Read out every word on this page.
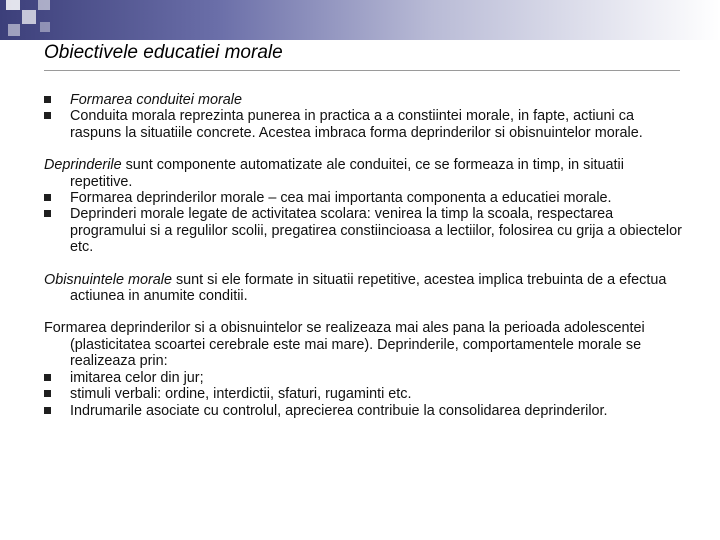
Obiectivele educatiei morale

Formarea conduitei morale

Conduita morala reprezinta punerea in practica a a constiintei morale, in fapte, actiuni ca raspuns la situatiile concrete. Acestea imbraca forma deprinderilor si obisnuintelor morale.

Deprinderile sunt componente automatizate ale conduitei, ce se formeaza in timp, in situatii repetitive.

Formarea deprinderilor morale – cea mai importanta componenta a educatiei morale.

Deprinderi morale legate de activitatea scolara: venirea la timp la scoala, respectarea programului si a regulilor scolii, pregatirea constiincioasa a lectiilor, folosirea cu grija a obiectelor etc.

Obisnuintele morale sunt si ele formate in situatii repetitive, acestea implica trebuinta de a efectua actiunea in anumite conditii.

Formarea deprinderilor si a obisnuintelor se realizeaza mai ales pana la perioada adolescentei (plasticitatea scoartei cerebrale este mai mare). Deprinderile, comportamentele morale se realizeaza prin:

imitarea celor din jur;

stimuli verbali: ordine, interdictii, sfaturi, rugaminti etc.

Indrumarile asociate cu controlul, aprecierea contribuie la consolidarea deprinderilor.
